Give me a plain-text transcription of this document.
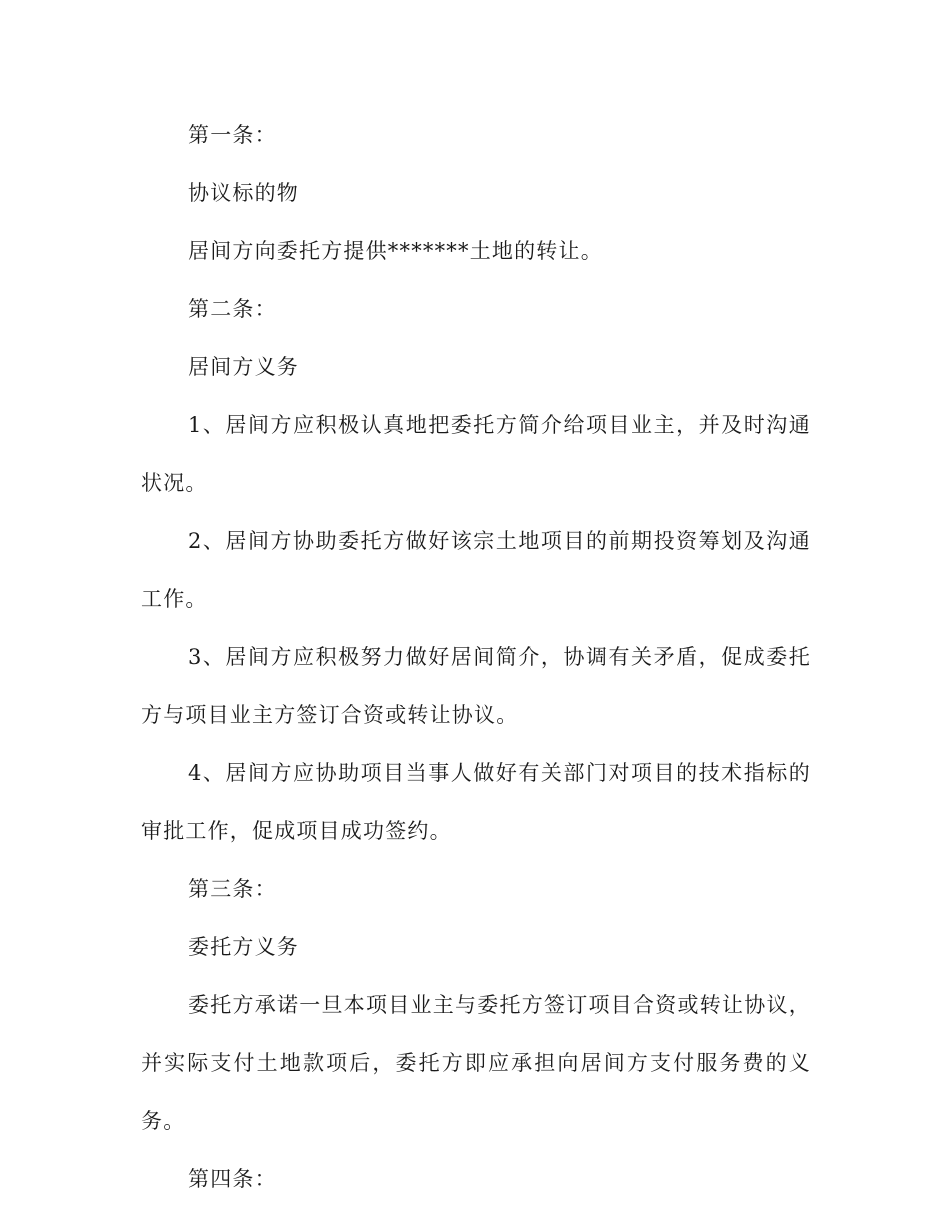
第一条：

协议标的物

居间方向委托方提供*******土地的转让。

第二条：

居间方义务

1、居间方应积极认真地把委托方简介给项目业主，并及时沟通状况。

2、居间方协助委托方做好该宗土地项目的前期投资筹划及沟通工作。

3、居间方应积极努力做好居间简介，协调有关矛盾，促成委托方与项目业主方签订合资或转让协议。

4、居间方应协助项目当事人做好有关部门对项目的技术指标的审批工作，促成项目成功签约。

第三条：

委托方义务

委托方承诺一旦本项目业主与委托方签订项目合资或转让协议，并实际支付土地款项后，委托方即应承担向居间方支付服务费的义务。

第四条：
